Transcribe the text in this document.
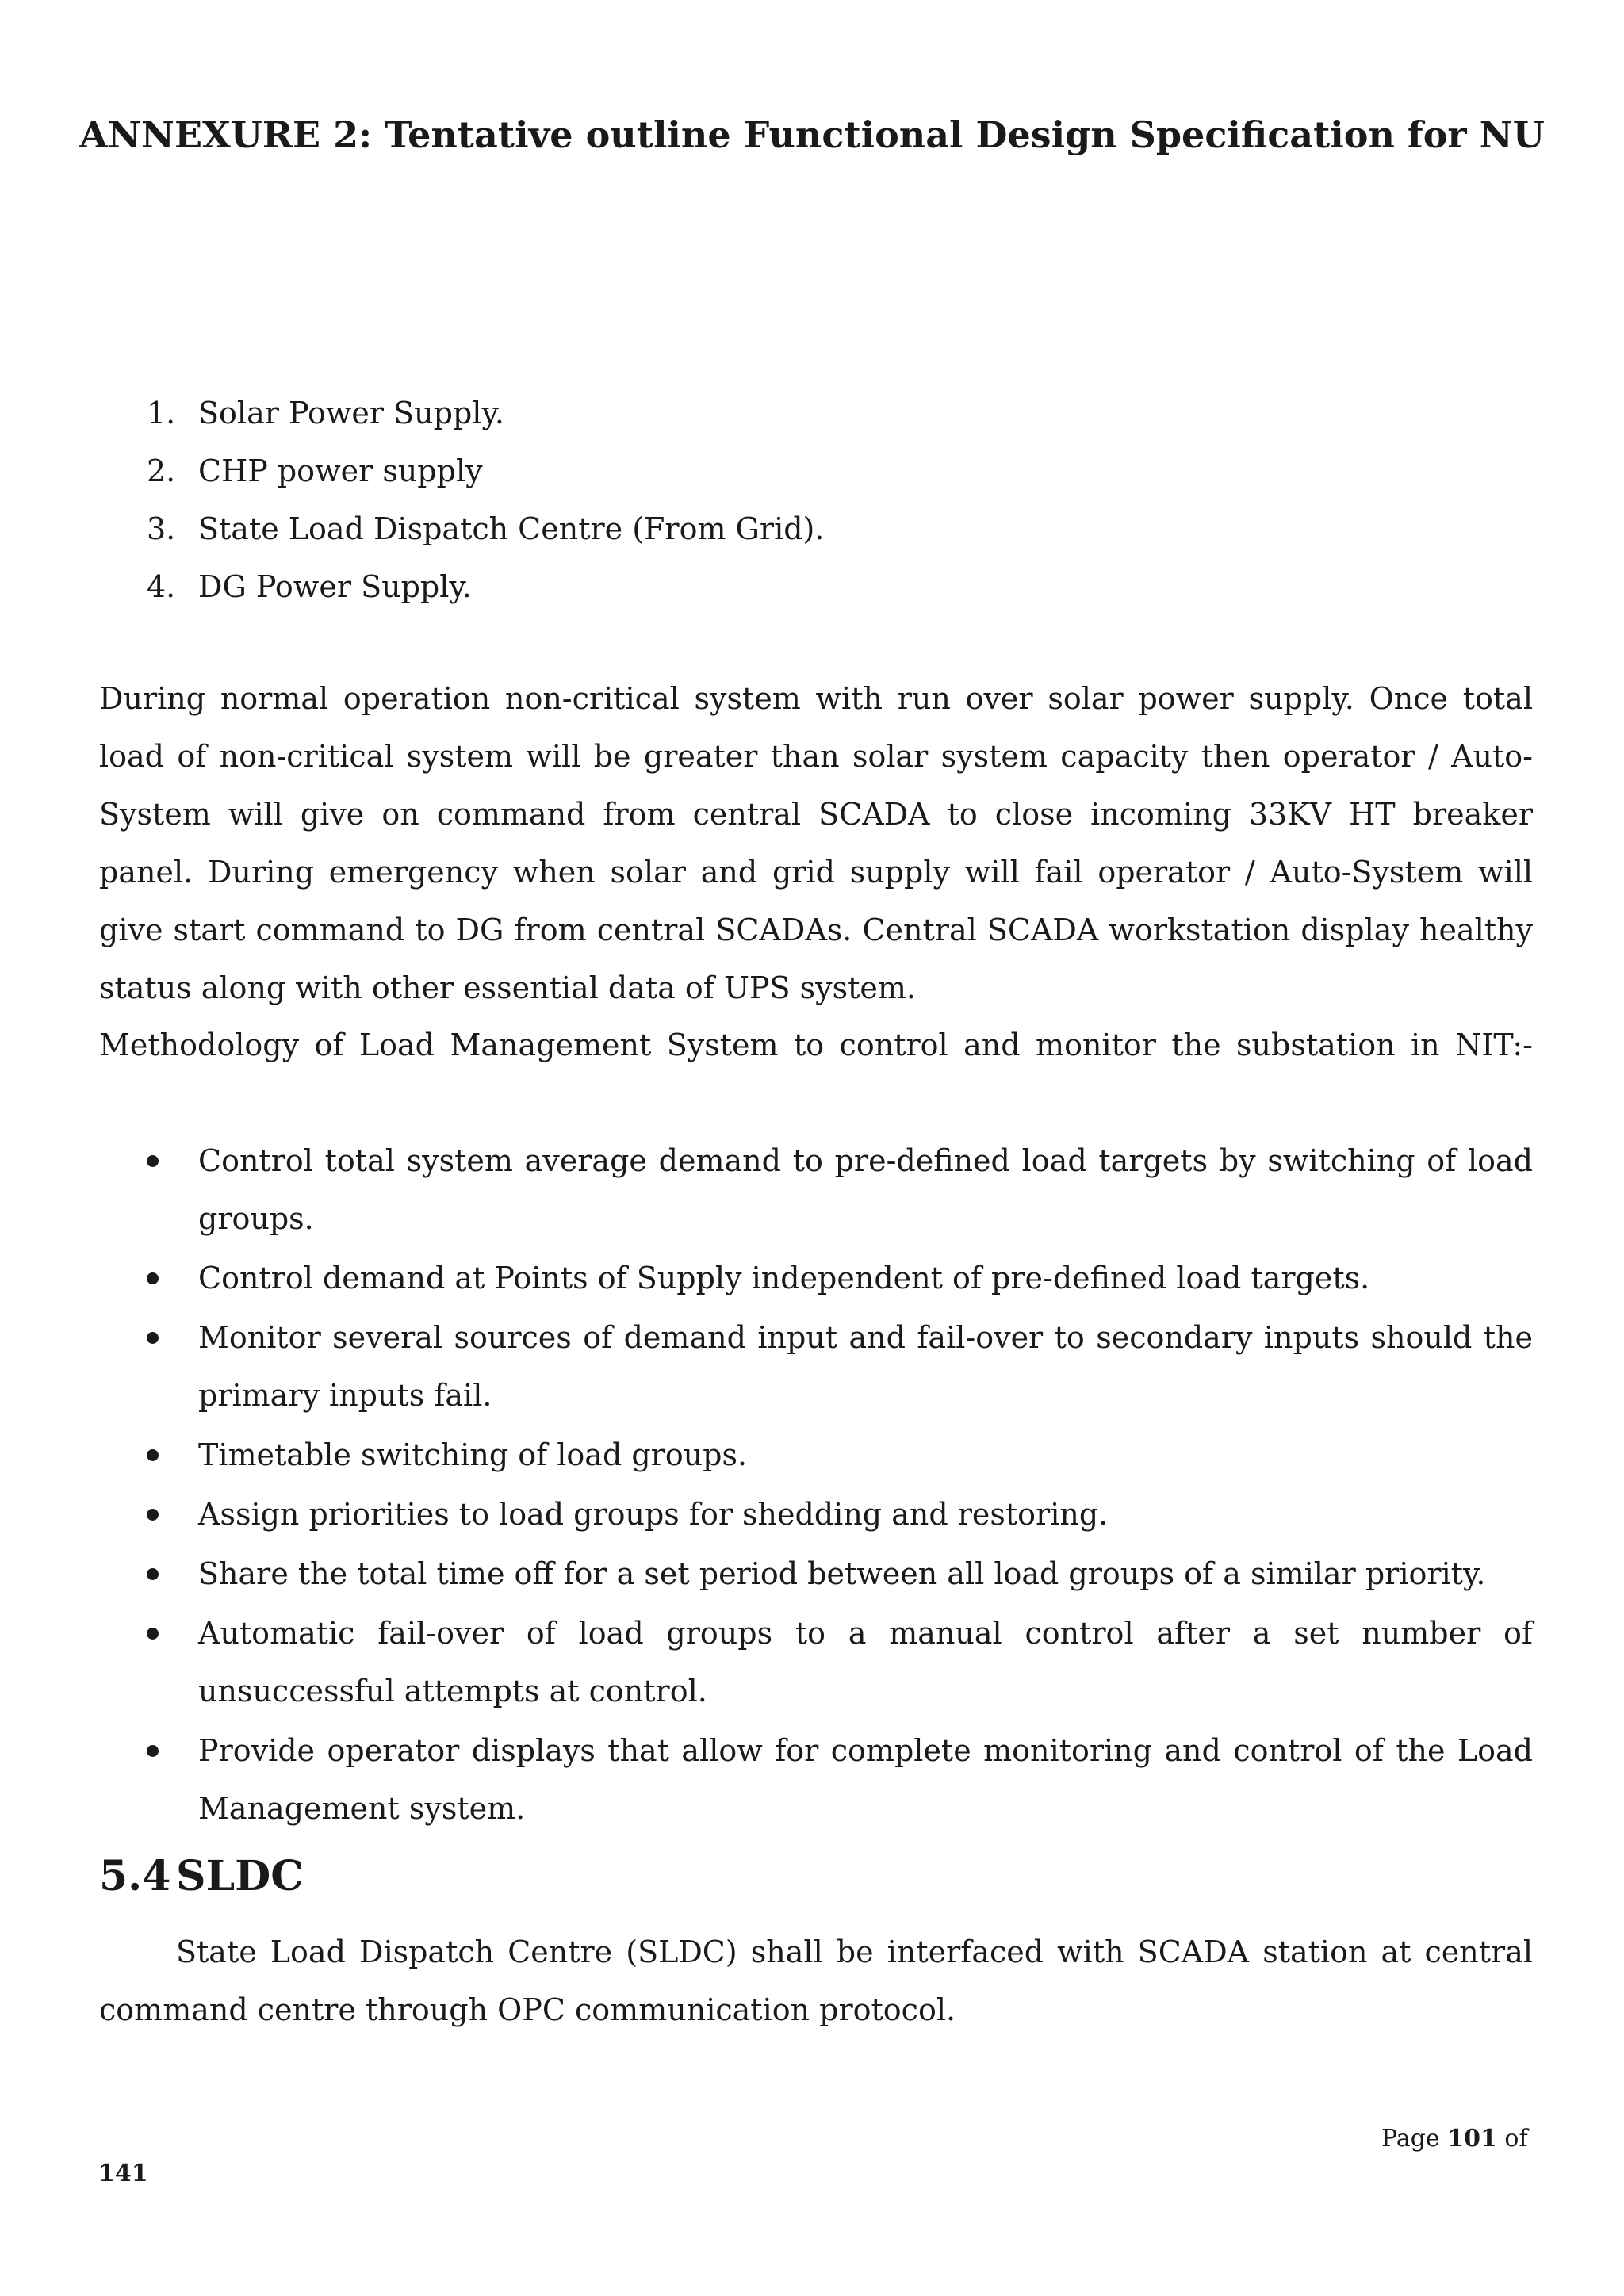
ANNEXURE 2: Tentative outline Functional Design Specification for NU
1. Solar Power Supply.
2. CHP power supply
3. State Load Dispatch Centre (From Grid).
4. DG Power Supply.

During normal operation non-critical system with run over solar power supply. Once total load of non-critical system will be greater than solar system capacity then operator / Auto-System will give on command from central SCADA to close incoming 33KV HT breaker panel. During emergency when solar and grid supply will fail operator / Auto-System will give start command to DG from central SCADAs. Central SCADA workstation display healthy status along with other essential data of UPS system.

Methodology of Load Management System to control and monitor the substation in NIT:-

Control total system average demand to pre-defined load targets by switching of load groups.
Control demand at Points of Supply independent of pre-defined load targets.
Monitor several sources of demand input and fail-over to secondary inputs should the primary inputs fail.
Timetable switching of load groups.
Assign priorities to load groups for shedding and restoring.
Share the total time off for a set period between all load groups of a similar priority.
Automatic fail-over of load groups to a manual control after a set number of unsuccessful attempts at control.
Provide operator displays that allow for complete monitoring and control of the Load Management system.
5.4 SLDC

State Load Dispatch Centre (SLDC) shall be interfaced with SCADA station at central command centre through OPC communication protocol.

Page 101 of

141
